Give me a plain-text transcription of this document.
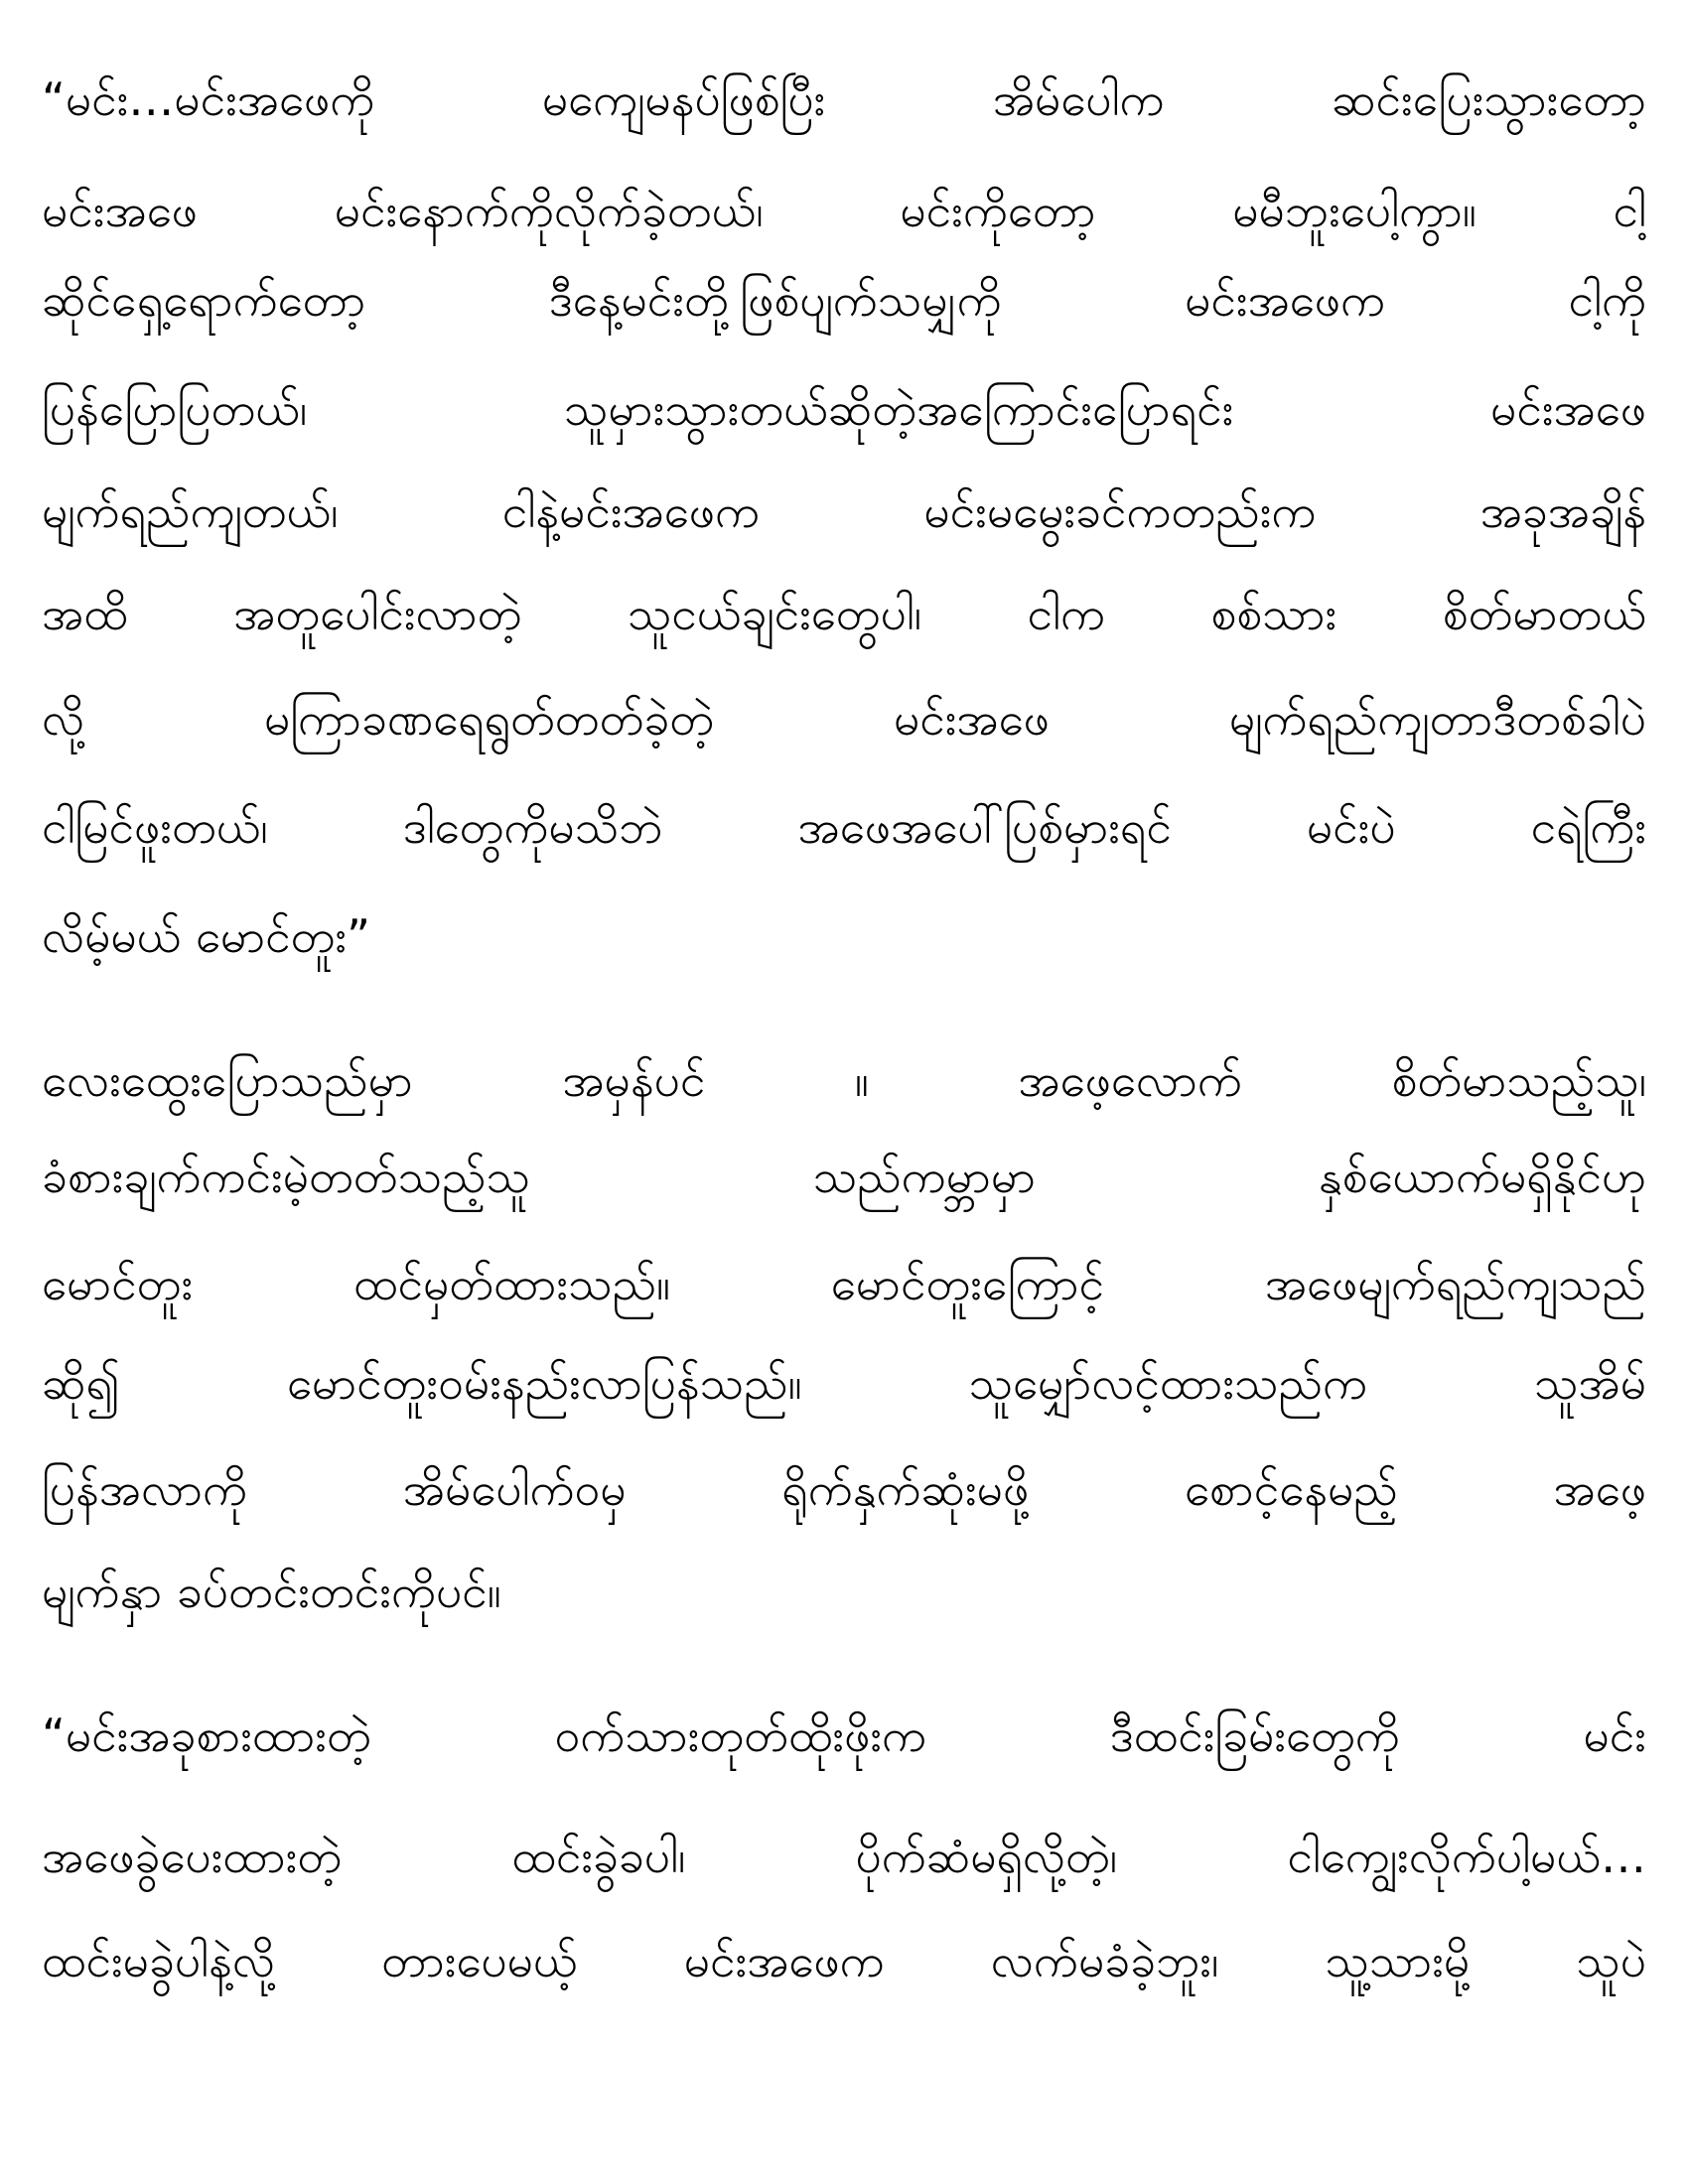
“မင်း…မင်းအဖေကို မကျေမနပ်ဖြစ်ပြီး အိမ်ပေါက ဆင်းပြေးသွားတော့
မင်းအဖေ မင်းနောက်ကိုလိုက်ခဲ့တယ်၊ မင်းကိုတော့ မမီဘူးပေါ့ကွာ။ ငါ့
ဆိုင်ရှေ့ရောက်တော့ ဒီနေ့မင်းတို့ဖြစ်ပျက်သမျှကို မင်းအဖေက ငါ့ကို
ပြန်ပြောပြတယ်၊ သူမှားသွားတယ်ဆိုတဲ့အကြောင်းပြောရင်း မင်းအဖေ
မျက်ရည်ကျတယ်၊ ငါနဲ့မင်းအဖေက မင်းမမွေးခင်ကတည်းက အခုအချိန်
အထိ အတူပေါင်းလာတဲ့ သူငယ်ချင်းတွေပါ၊ ငါက စစ်သား စိတ်မာတယ်
လို့ မကြာခဏရေရွတ်တတ်ခဲ့တဲ့ မင်းအဖေ မျက်ရည်ကျတာဒီတစ်ခါပဲ
ငါမြင်ဖူးတယ်၊ ဒါတွေကိုမသိဘဲ အဖေအပေါ်ပြစ်မှားရင် မင်းပဲ ငရဲကြီး
လိမ့်မယ် မောင်တူး”
လေးထွေးပြောသည်မှာ အမှန်ပင် ။ အဖေ့လောက် စိတ်မာသည့်သူ၊
ခံစားချက်ကင်းမဲ့တတ်သည့်သူ သည်ကမ္ဘာမှာ နှစ်ယောက်မရှိနိုင်ဟု
မောင်တူး ထင်မှတ်ထားသည်။ မောင်တူးကြောင့် အဖေမျက်ရည်ကျသည်
ဆို၍ မောင်တူးဝမ်းနည်းလာပြန်သည်။ သူမျှော်လင့်ထားသည်က သူအိမ်
ပြန်အလာကို အိမ်ပေါက်ဝမှ ရိုက်နှက်ဆုံးမဖို့ စောင့်နေမည့် အဖေ့
မျက်နှာ ခပ်တင်းတင်းကိုပင်။
“မင်းအခုစားထားတဲ့ ဝက်သားတုတ်ထိုးဖိုးက ဒီထင်းခြမ်းတွေကို မင်း
အဖေခွဲပေးထားတဲ့ ထင်းခွဲခပါ၊ ပိုက်ဆံမရှိလို့တဲ့၊ ငါကျွေးလိုက်ပါ့မယ်…
ထင်းမခွဲပါနဲ့လို့ တားပေမယ့် မင်းအဖေက လက်မခံခဲ့ဘူး၊ သူ့သားမို့ သူပဲ
